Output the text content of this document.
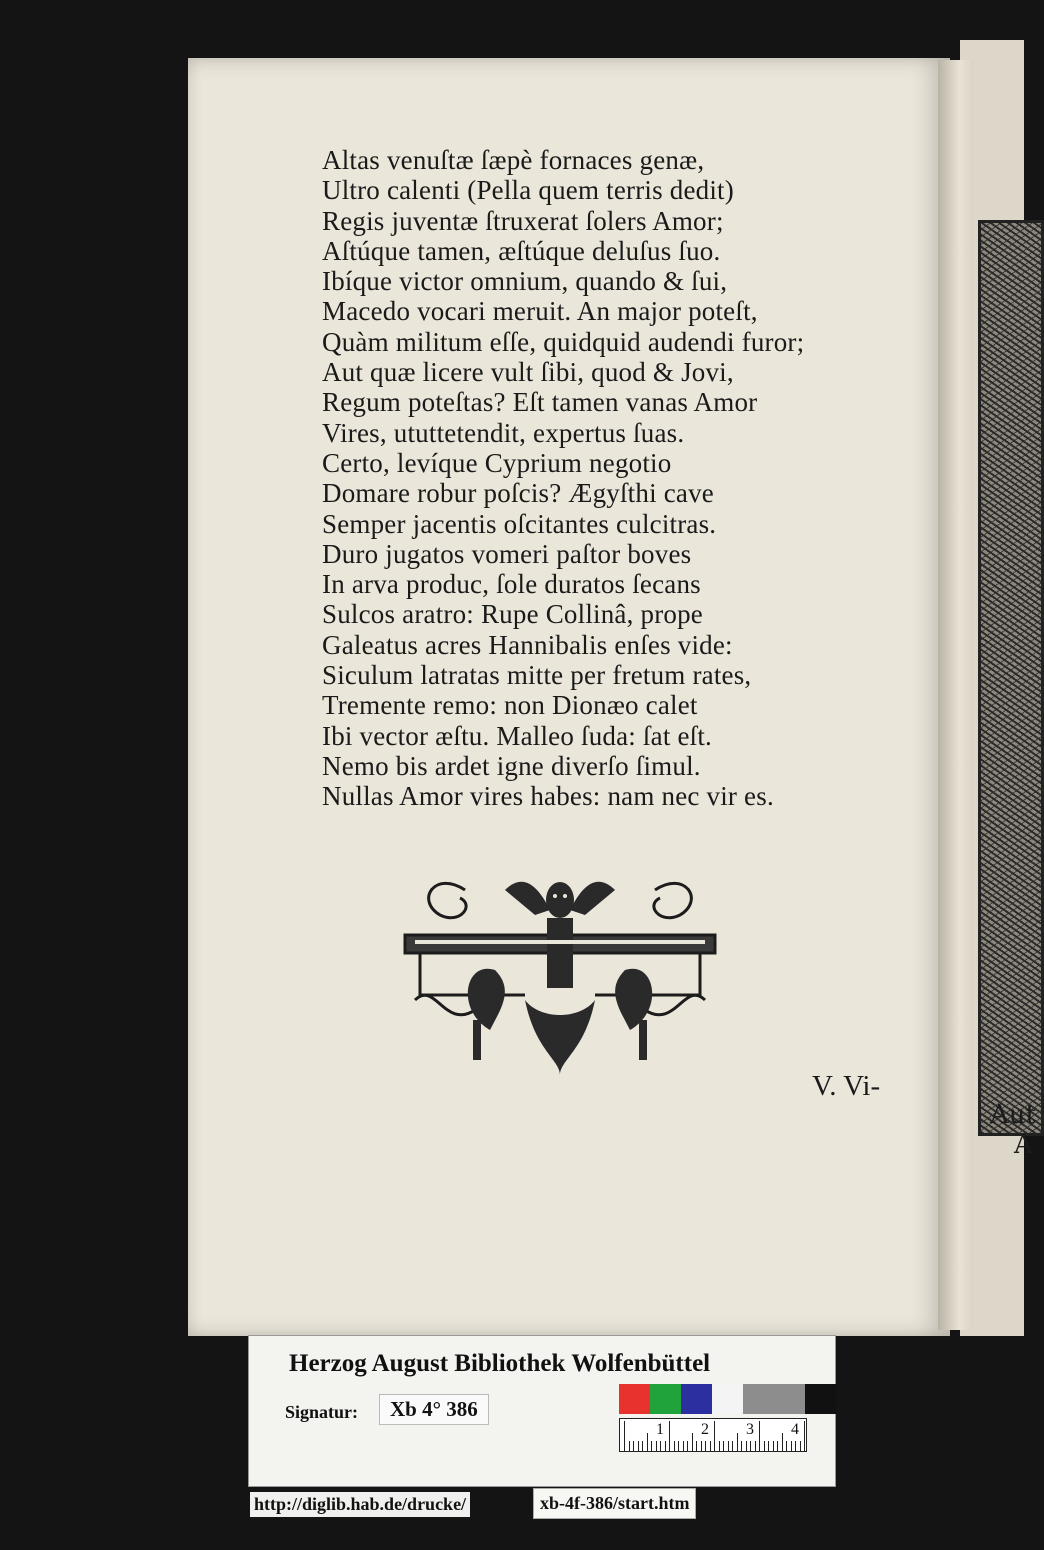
Aut
A
Altas venuſtæ ſæpè fornaces genæ,
Ultro calenti (Pella quem terris dedit)
Regis juventæ ſtruxerat ſolers Amor;
Aſtúque tamen, æſtúque deluſus ſuo.
Ibíque victor omnium, quando & ſui,
Macedo vocari meruit. An major poteſt,
Quàm militum eſſe, quidquid audendi furor;
Aut quæ licere vult ſibi, quod & Jovi,
Regum poteſtas? Eſt tamen vanas Amor
Vires, ututtetendit, expertus ſuas.
Certo, levíque Cyprium negotio
Domare robur poſcis? Ægyſthi cave
Semper jacentis oſcitantes culcitras.
Duro jugatos vomeri paſtor boves
In arva produc, ſole duratos ſecans
Sulcos aratro: Rupe Collinâ, prope
Galeatus acres Hannibalis enſes vide:
Siculum latratas mitte per fretum rates,
Tremente remo: non Dionæo calet
Ibi vector æſtu. Malleo ſuda: ſat eſt.
Nemo bis ardet igne diverſo ſimul.
Nullas Amor vires habes: nam nec vir es.
V. Vi-
Herzog August Bibliothek Wolfenbüttel
Signatur:	Xb 4° 386
1 2 3 4
http://diglib.hab.de/drucke/	xb-4f-386/start.htm
